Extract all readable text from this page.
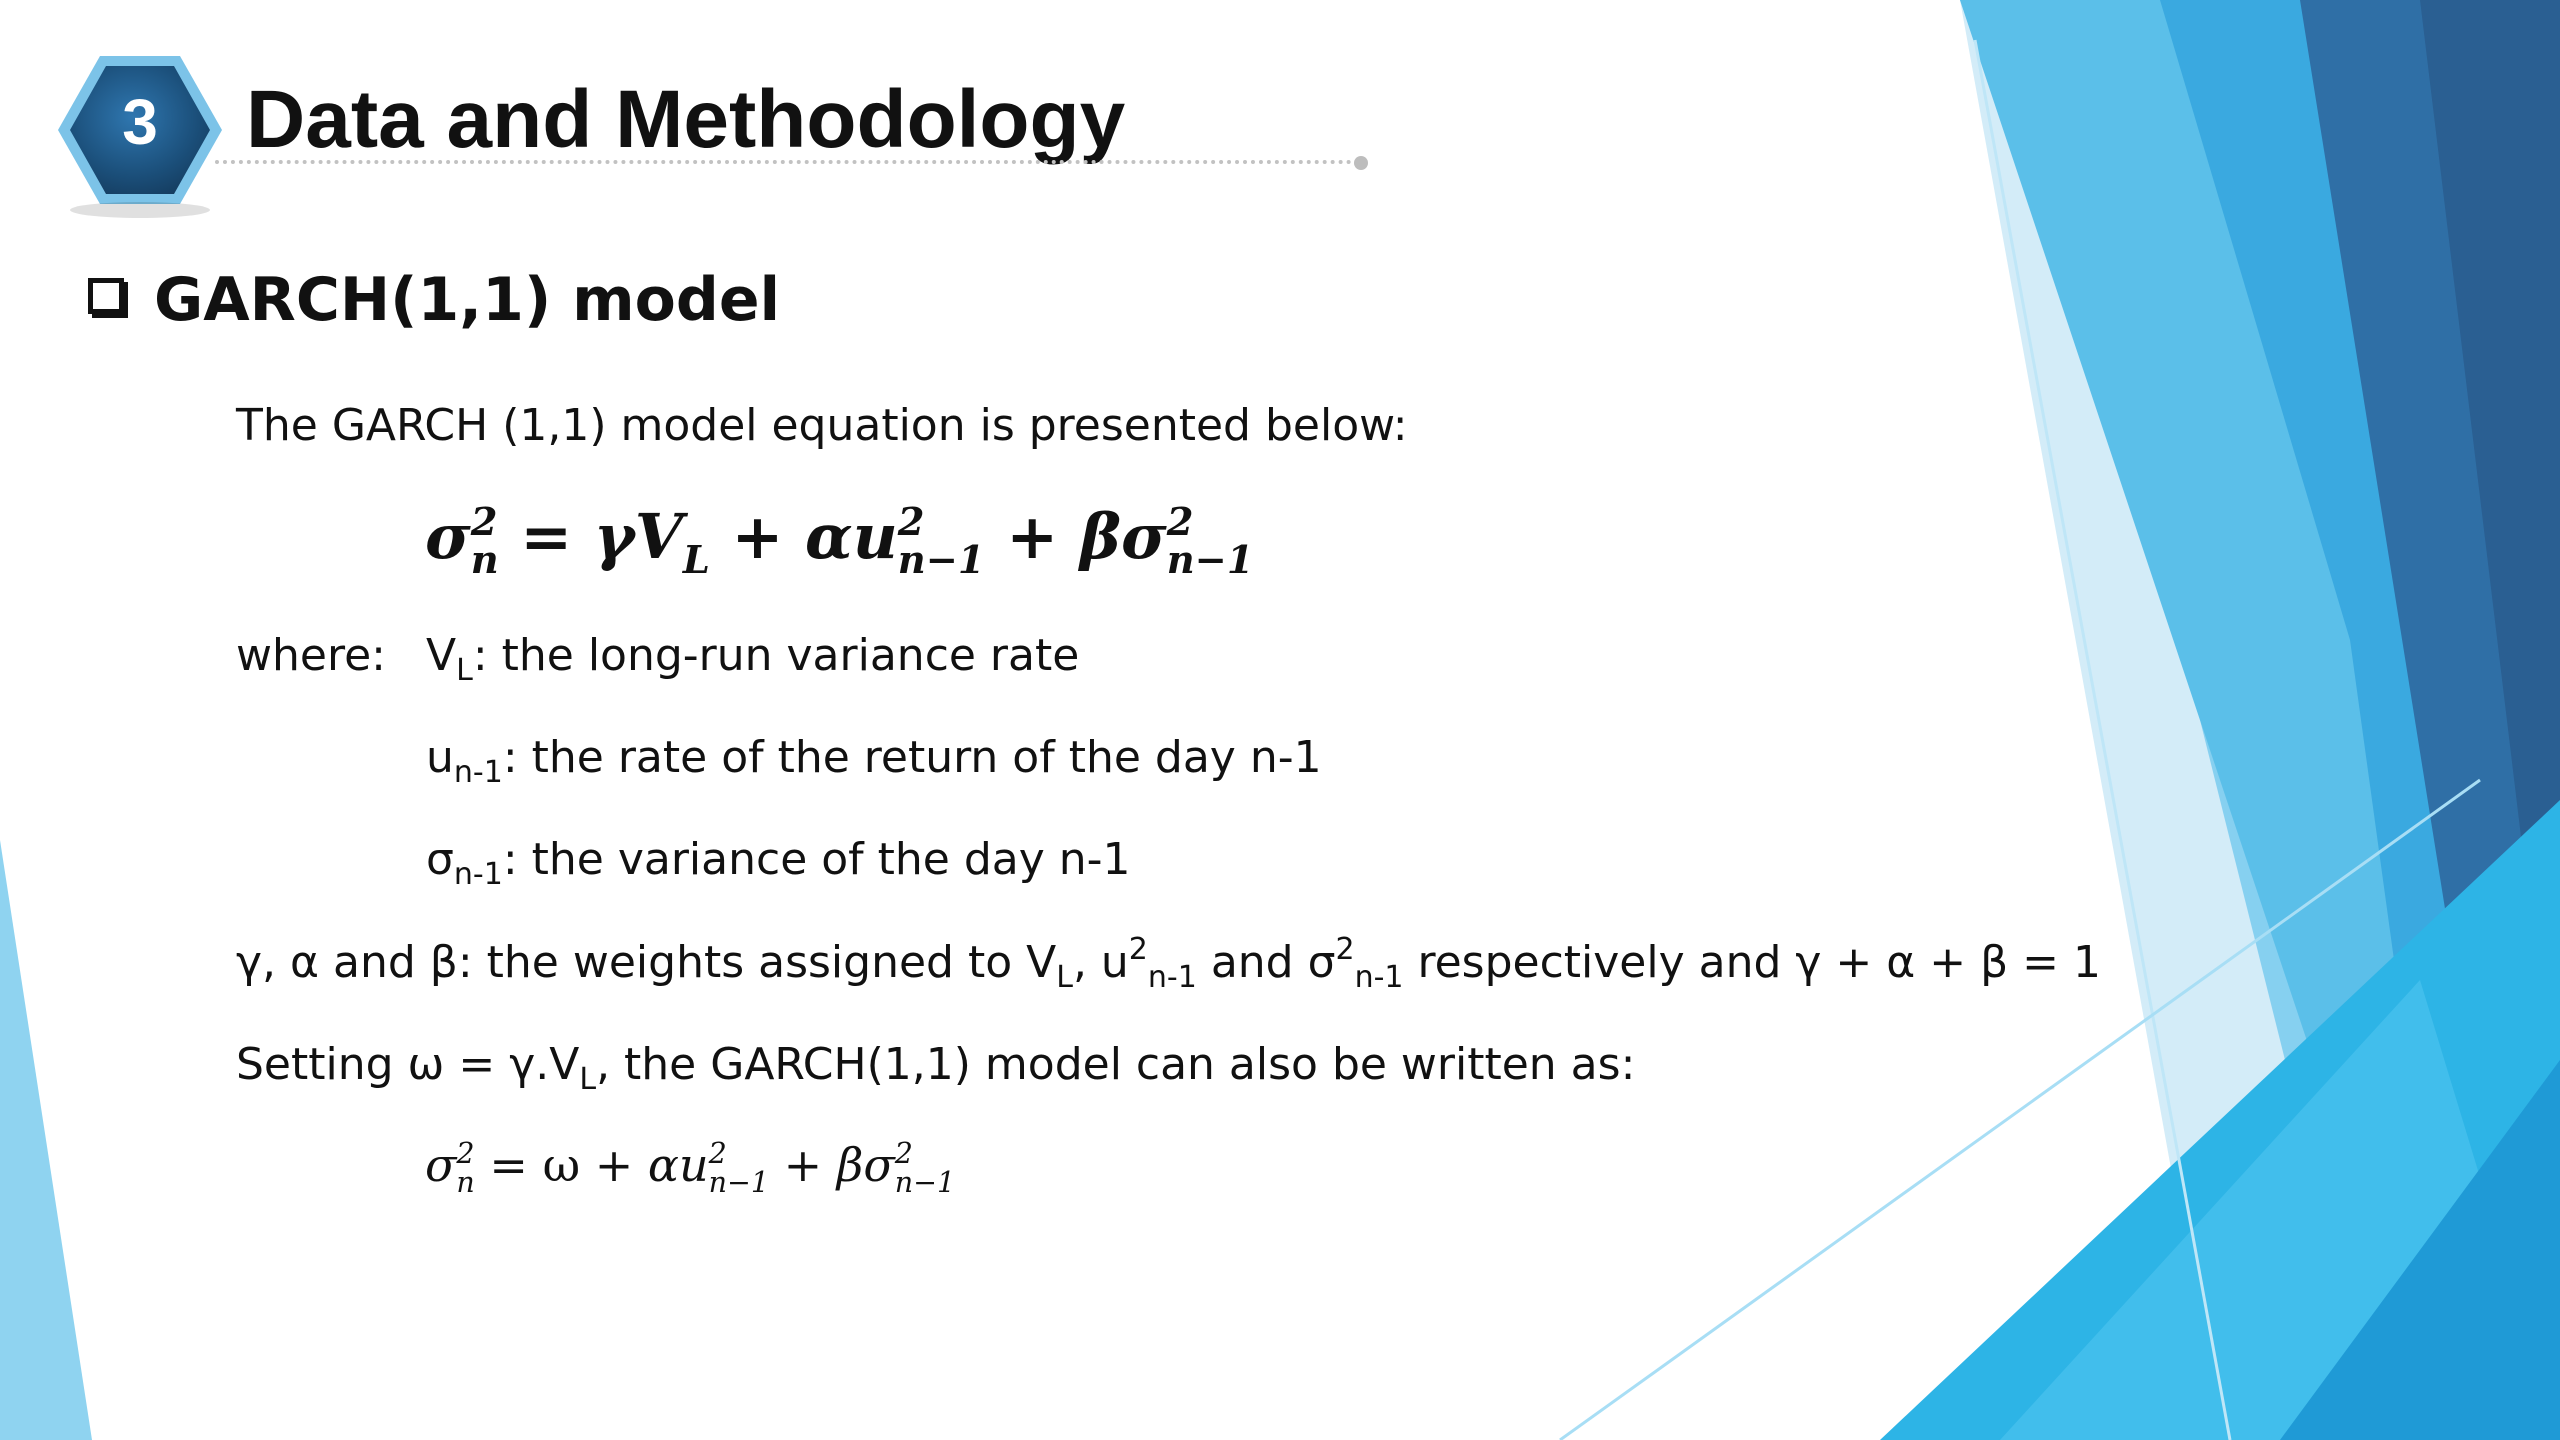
3	Data and Methodology
GARCH(1,1) model
The GARCH (1,1) model equation is presented below:
σ 2
n = γV
L + αu 2
n−1 + βσ 2
n−1
where: $V_L$: the long-run variance rate
$u_{n-1}$: the rate of the return of the day n-1
$\sigma_{n-1}$: the variance of the day n-1
γ, α and β: the weights assigned to $V_L$, $u^2_{n-1}$ and $\sigma^2_{n-1}$ respectively and γ + α + β = 1
Setting $\omega = \gamma.V_L$, the GARCH(1,1) model can also be written as:
σ 2
n = ω + αu 2
n−1 + βσ 2
n−1
